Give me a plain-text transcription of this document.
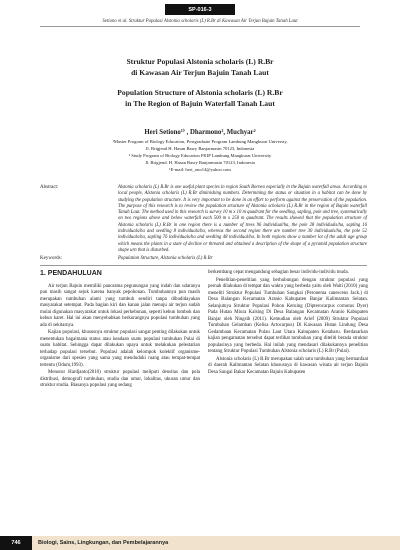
SP-016-3
Setiono et al. Struktur Populasi Alstonia scholaris (L) R.Br di Kawasan Air Terjun Bajuin Tanah Laut
Struktur Populasi Alstonia scholaris (L) R.Br
di Kawasan Air Terjun Bajuin Tanah Laut
Population Structure of Alstonia scholaris (L) R.Br
in The Region of Bajuin Waterfall Tanah Laut
Heri Setiono¹⁾ , Dharmono², Muchyar²
¹Master Program of Biology Education, Postgraduate Program Lambung Mangkurat Universty,
Jl. Brigjend H. Hasan Basry Banjarmasin 70123, Indonesia
² Study Program of Biology Education FKIP Lambung Mangkurat University
Jl. Brigjend. H. Hasan Basry Banjarmasin 70123, Indonesia
¹E-mail: heri_ono14@yahoo.com
Abstract:	Alstonia scholaris (L) R.Br is one useful plant species in region South Borneo especially in the Bajuin waterfall areas. According to local people, Alstonia scholaris (L) R.Br diminishing numbers. Determining the status or situation in a habitat can be done by studying the population structure. It is very important to be done in an effort to perform against the preservation of the population. The purpose of this research is to review the population structure of Alstonia scholaris (L) R.Br in the region of Bajuin waterfall Tanah Laut. The method used in this research is survey 10 m x 10 m quadrant for the seedling, sapling, pole and tree, systematically on two regions above and below waterfall each 500 m x 250 m quadrant. The results showed that the population structure of Alstonia scholaris (L) R.Br in one region there is a number of trees 96 individual/ha, the pole 28 individuals/ha, sapling 16 individuals/ha and seedling 8 individuals/ha, whereas the second region there are number tree 30 individuals/ha, the pole 52 individuals/ha, sapling 76 individuals/ha and seedling 48 individual/ha. In both regions show a number lot of the adult age group which means the plants in a state of decline or threated and obtained a description of the shape of a pyramid population structure shape urn that is disturbed.
Keywords:	Population Structure, Alstonia scholaris (L) R.Br
1. PENDAHULUAN

Air terjun Bajuin memiliki panorama pegunungan yang indah dan udaranya pun masih sangat sejuk karena banyak pepohonan. Tumbuhannya pun masih merupakan tumbuhan alami yang tumbuh sendiri tanpa dibudidayakan masyarakat setempat. Pada bagian kiri dan kanan jalan menuju air terjun sudah mulai digunakan masyarakat untuk lokasi perkebunan, seperti kebun lombok dan kebun karet. Hal ini akan menyebabkan berkurangnya populasi tumbuhan yang ada di sekitarnya.

Kajian populasi, khususnya struktur populasi sangat penting dilakukan untuk menentukan bagaimana status atau keadaan suatu populasi tumbuhan Pulai di suatu habitat. Sehingga dapat dilakukan upaya untuk melakukan pelestarian terhadap populasi tersebut. Populasi adalah kelompok kolektif organisme-organisme dari spesies yang sama yang menduduki ruang atau tempat-tempat tertentu (Odum,1993).

Menurut Hardjanto(2010) struktur populasi meliputi densitas dan pola distribusi, demografi tumbuhan, studia dan umur, lokalitas, ukuran umur dan struktur studia. Biasanya populasi yang sedang

berkembang cepat mengandung sebagian besar individu-individu muda.

Penelitian-penelitian yang berhubungan dengan struktur populasi yang pernah dilakukan di tempat dan waktu yang berbeda yaitu oleh Waiti (2010) yang meneliti Struktur Populasi Tumbuhan Sungkai (Peronema canescens Jack.) di Desa Balangan Kecamatan Aranio Kabupaten Banjar Kalimantan Selatan. Selanjutnya Struktur Populasi Pohon Keruing (Dipterocarpus cornutus Dyer) Pada Hutan Miura Kalsing Di Desa Balangan Kecamatan Aranio Kabupaten Banjar oleh Ningsih (2011). Kemudian oleh Arief (2009) Struktur Populasi Tumbuhan Gelamban (Kelisa Artocarpus) Di Kawasan Hutan Lindung Desa Gedambaan Kecamatan Pulau Laut Utara Kabupaten Kotabaru. Berdasarkan kajian pengamatan tersebut dapat terlihat tumbuhan yang diteliti berada struktur populasinya yang berbeda. Hal inilah yang mendasari dilakukannya penelitian tentang Struktur Populasi Tumbuhan Alstonia scholaris (L) R.Br (Pulai).

Alstonia scholaris (L) R.Br merupakan salah satu tumbuhan yang bermanfaat di daerah Kalimantan Selatan khususnya di kawasan wisata air terjun Bajuin Desa Sungai Bakar Kecamatan Bajuin Kabupaten

746	Biologi, Sains, Lingkungan, dan Pembelajarannya
